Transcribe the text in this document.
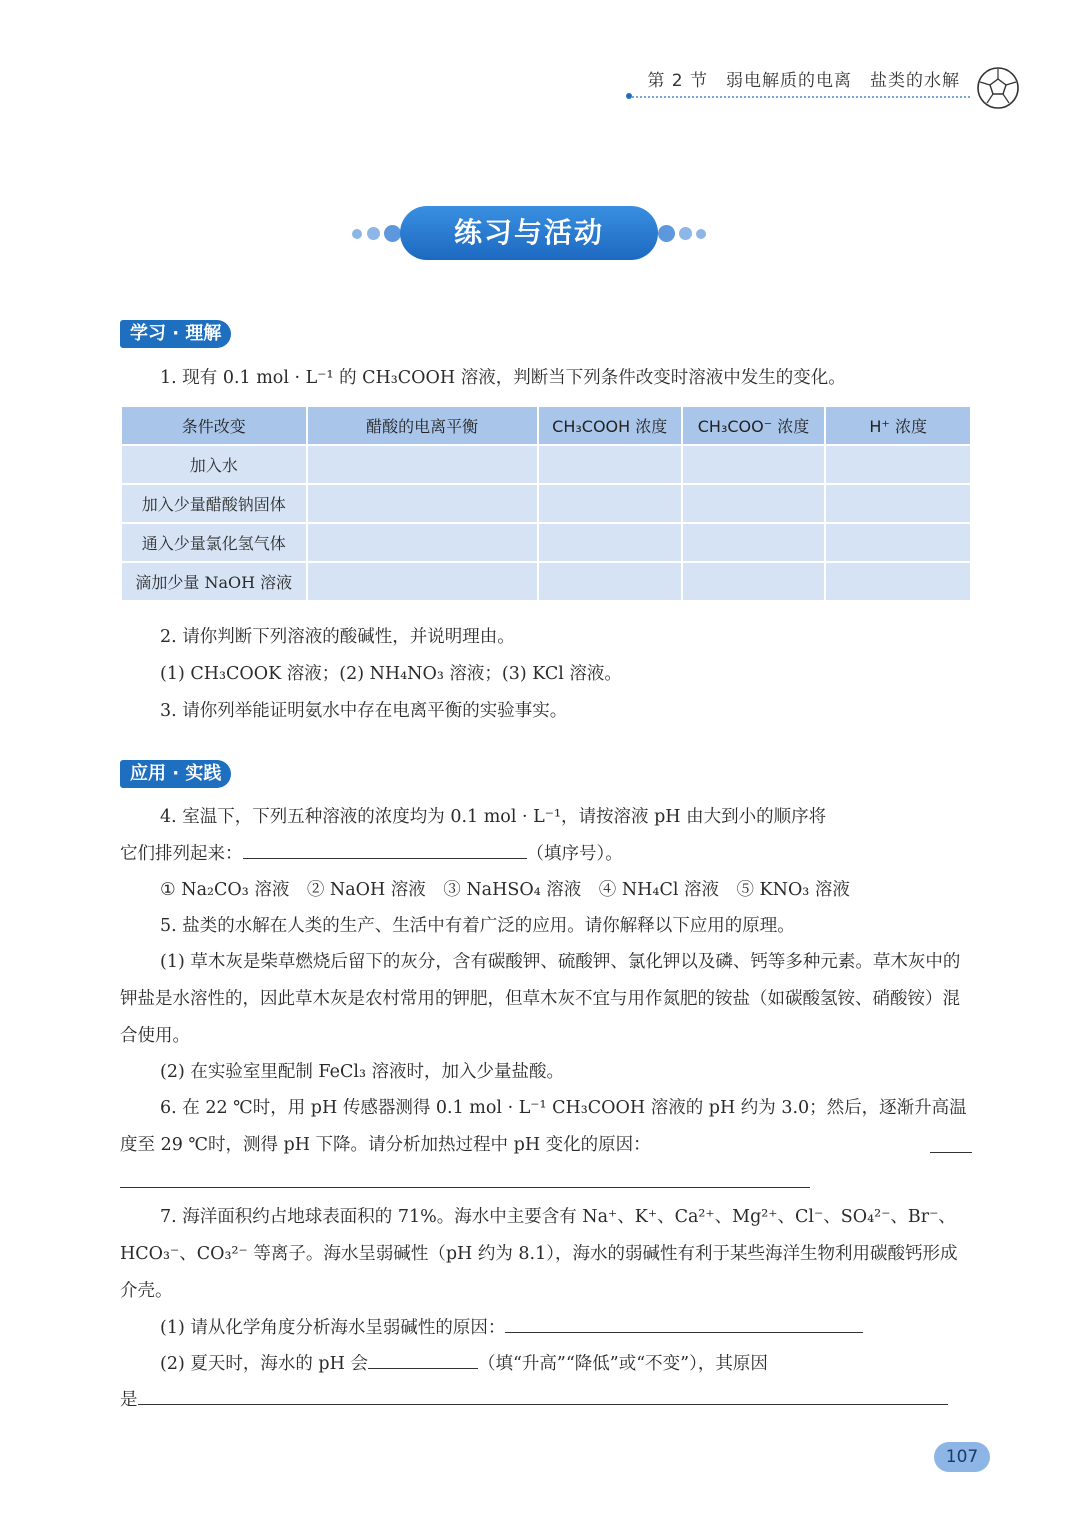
第 2 节　弱电解质的电离　盐类的水解
练习与活动
学习 · 理解
1. 现有 0.1 mol · L⁻¹ 的 CH₃COOH 溶液，判断当下列条件改变时溶液中发生的变化。
条件改变	醋酸的电离平衡	CH₃COOH 浓度	CH₃COO⁻ 浓度	H⁺ 浓度
加入水				
加入少量醋酸钠固体				
通入少量氯化氢气体				
滴加少量 NaOH 溶液				
2. 请你判断下列溶液的酸碱性，并说明理由。
(1) CH₃COOK 溶液；(2) NH₄NO₃ 溶液；(3) KCl 溶液。
3. 请你列举能证明氨水中存在电离平衡的实验事实。
应用 · 实践
4. 室温下，下列五种溶液的浓度均为 0.1 mol · L⁻¹，请按溶液 pH 由大到小的顺序将
它们排列起来：	（填序号）。
① Na₂CO₃ 溶液　② NaOH 溶液　③ NaHSO₄ 溶液　④ NH₄Cl 溶液　⑤ KNO₃ 溶液
5. 盐类的水解在人类的生产、生活中有着广泛的应用。请你解释以下应用的原理。
(1) 草木灰是柴草燃烧后留下的灰分，含有碳酸钾、硫酸钾、氯化钾以及磷、钙等多种元素。草木灰中的钾盐是水溶性的，因此草木灰是农村常用的钾肥，但草木灰不宜与用作氮肥的铵盐（如碳酸氢铵、硝酸铵）混合使用。
(2) 在实验室里配制 FeCl₃ 溶液时，加入少量盐酸。
6. 在 22 ℃时，用 pH 传感器测得 0.1 mol · L⁻¹ CH₃COOH 溶液的 pH 约为 3.0；然后，逐渐升高温度至 29 ℃时，测得 pH 下降。请分析加热过程中 pH 变化的原因：
7. 海洋面积约占地球表面积的 71%。海水中主要含有 Na⁺、K⁺、Ca²⁺、Mg²⁺、Cl⁻、SO₄²⁻、Br⁻、HCO₃⁻、CO₃²⁻ 等离子。海水呈弱碱性（pH 约为 8.1），海水的弱碱性有利于某些海洋生物利用碳酸钙形成介壳。
(1) 请从化学角度分析海水呈弱碱性的原因：
(2) 夏天时，海水的 pH 会	（填“升高”“降低”或“不变”），其原因
是
107
